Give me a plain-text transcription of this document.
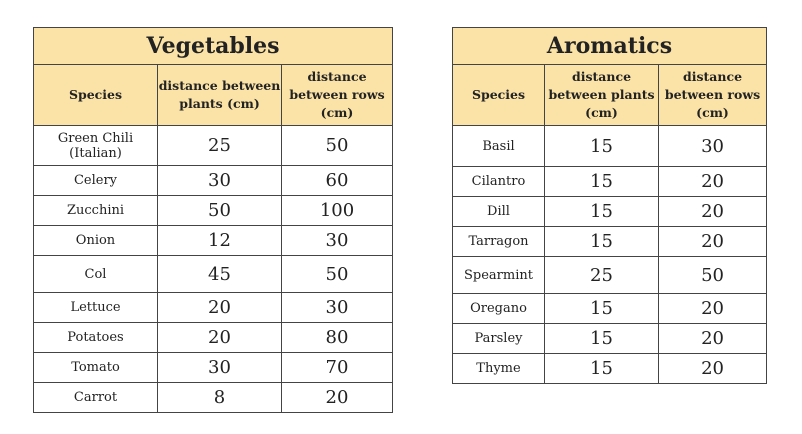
Vegetables		
Species	distance between plants (cm)	distance between rows (cm)
Green Chili (Italian)	25	50
Celery	30	60
Zucchini	50	100
Onion	12	30
Col	45	50
Lettuce	20	30
Potatoes	20	80
Tomato	30	70
Carrot	8	20
Aromatics		
Species	distance between plants (cm)	distance between rows (cm)
Basil	15	30
Cilantro	15	20
Dill	15	20
Tarragon	15	20
Spearmint	25	50
Oregano	15	20
Parsley	15	20
Thyme	15	20
